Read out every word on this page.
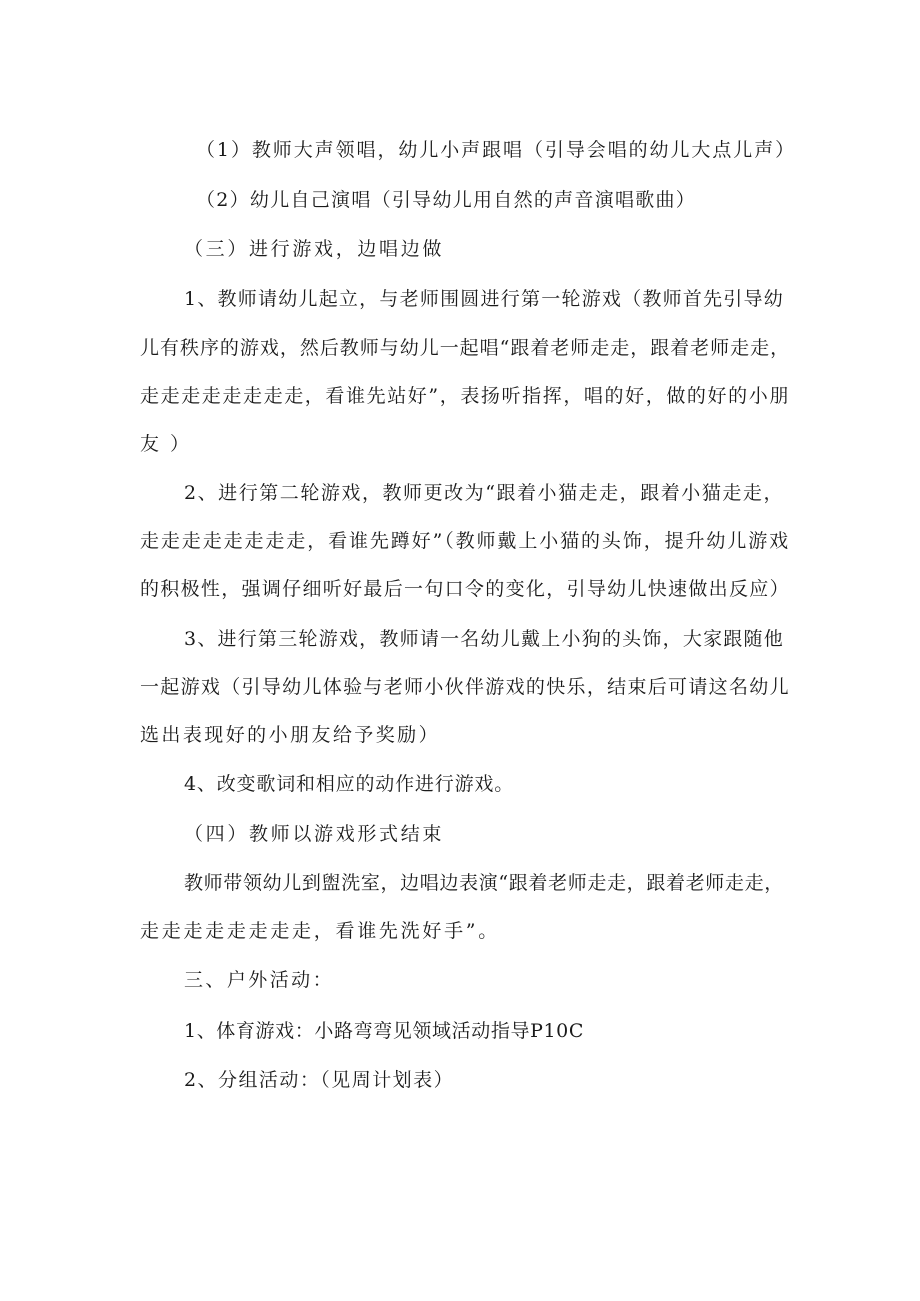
（1）教师大声领唱，幼儿小声跟唱（引导会唱的幼儿大点儿声）

（2）幼儿自己演唱（引导幼儿用自然的声音演唱歌曲）

（三）进行游戏，边唱边做

1、教师请幼儿起立，与老师围圆进行第一轮游戏（教师首先引导幼

儿有秩序的游戏，然后教师与幼儿一起唱“跟着老师走走，跟着老师走走，

走走走走走走走走，看谁先站好”，表扬听指挥，唱的好，做的好的小朋

友）

2、进行第二轮游戏，教师更改为“跟着小猫走走，跟着小猫走走，

走走走走走走走走，看谁先蹲好”（教师戴上小猫的头饰，提升幼儿游戏

的积极性，强调仔细听好最后一句口令的变化，引导幼儿快速做出反应）

3、进行第三轮游戏，教师请一名幼儿戴上小狗的头饰，大家跟随他

一起游戏（引导幼儿体验与老师小伙伴游戏的快乐，结束后可请这名幼儿

选出表现好的小朋友给予奖励）

4、改变歌词和相应的动作进行游戏。

（四）教师以游戏形式结束

教师带领幼儿到盥洗室，边唱边表演“跟着老师走走，跟着老师走走，

走走走走走走走走，看谁先洗好手”。

三、户外活动：

1、体育游戏：小路弯弯见领域活动指导P10C

2、分组活动：（见周计划表）
